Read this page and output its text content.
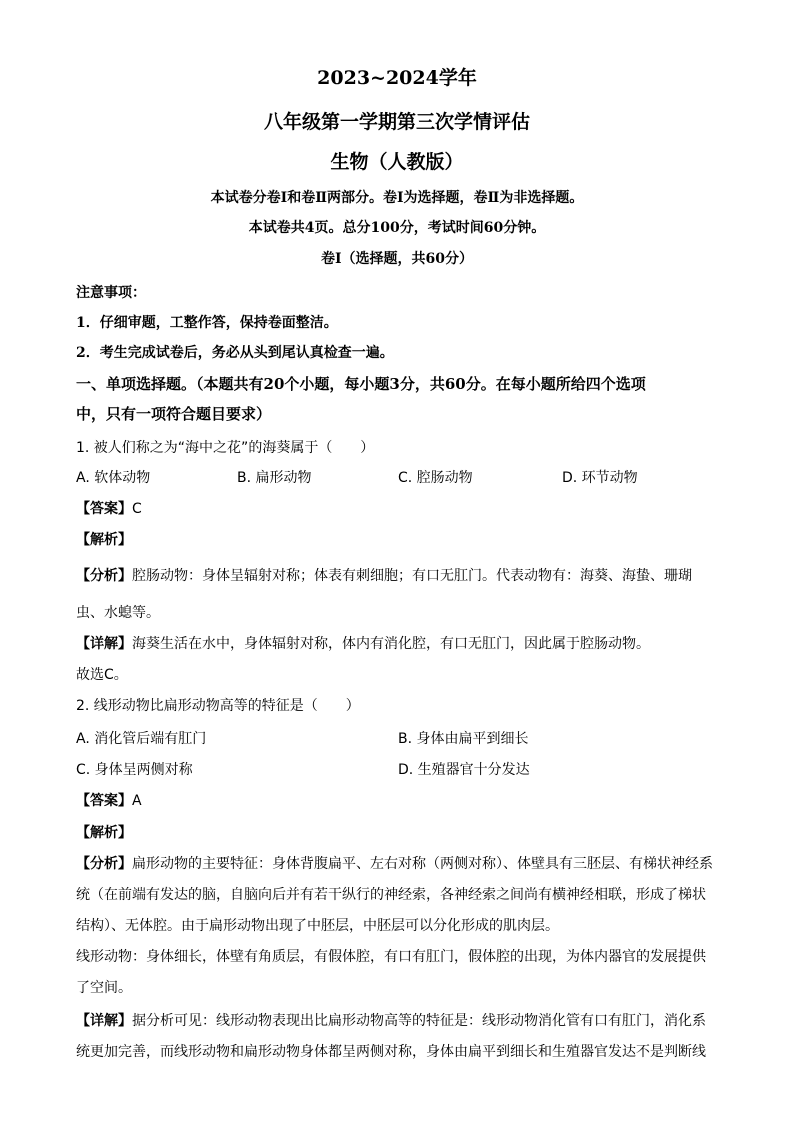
2023~2024学年
八年级第一学期第三次学情评估
生物（人教版）
本试卷分卷Ⅰ和卷Ⅱ两部分。卷Ⅰ为选择题，卷Ⅱ为非选择题。
本试卷共4页。总分100分，考试时间60分钟。
卷Ⅰ（选择题，共60分）
注意事项：
1．仔细审题，工整作答，保持卷面整洁。
2．考生完成试卷后，务必从头到尾认真检查一遍。
一、单项选择题。（本题共有20个小题，每小题3分，共60分。在每小题所给四个选项
中，只有一项符合题目要求）
1. 被人们称之为“海中之花”的海葵属于（　　）
A. 软体动物	B. 扁形动物	C. 腔肠动物	D. 环节动物
【答案】C
【解析】
【分析】腔肠动物：身体呈辐射对称；体表有刺细胞；有口无肛门。代表动物有：海葵、海蛰、珊瑚
虫、水螅等。
【详解】海葵生活在水中，身体辐射对称，体内有消化腔，有口无肛门，因此属于腔肠动物。
故选C。
2. 线形动物比扁形动物高等的特征是（　　）
A. 消化管后端有肛门	B. 身体由扁平到细长
C. 身体呈两侧对称	D. 生殖器官十分发达
【答案】A
【解析】
【分析】扁形动物的主要特征：身体背腹扁平、左右对称（两侧对称）、体壁具有三胚层、有梯状神经系
统（在前端有发达的脑，自脑向后并有若干纵行的神经索，各神经索之间尚有横神经相联，形成了梯状
结构）、无体腔。由于扁形动物出现了中胚层，中胚层可以分化形成的肌肉层。
线形动物：身体细长，体壁有角质层，有假体腔，有口有肛门，假体腔的出现，为体内器官的发展提供
了空间。
【详解】据分析可见：线形动物表现出比扁形动物高等的特征是：线形动物消化管有口有肛门，消化系
统更加完善，而线形动物和扁形动物身体都呈两侧对称，身体由扁平到细长和生殖器官发达不是判断线
